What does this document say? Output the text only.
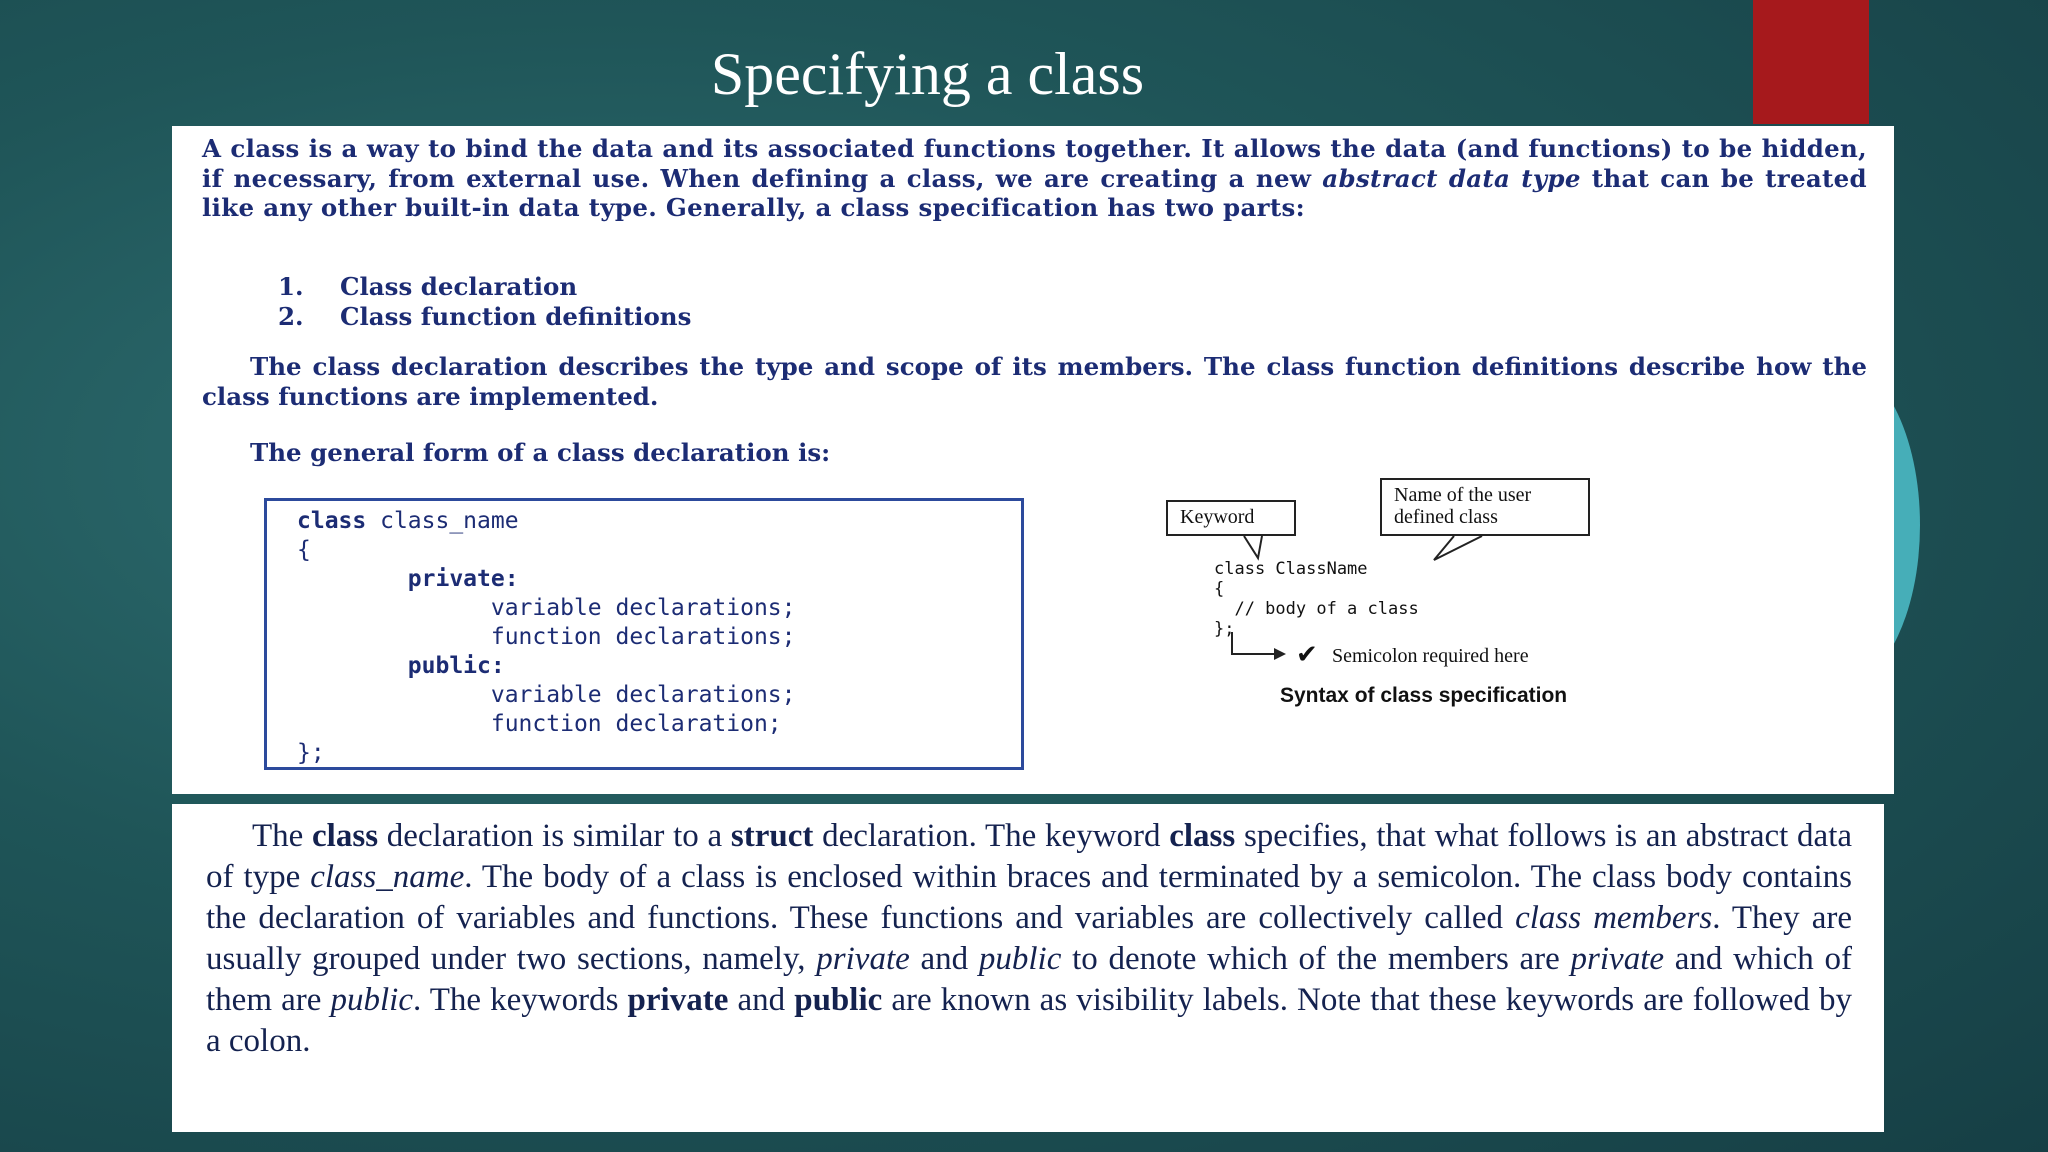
Specifying a class
A class is a way to bind the data and its associated functions together. It allows the data (and functions) to be hidden, if necessary, from external use. When defining a class, we are creating a new abstract data type that can be treated like any other built-in data type. Generally, a class specification has two parts:
1. Class declaration
2. Class function definitions
The class declaration describes the type and scope of its members. The class function definitions describe how the class functions are implemented.
The general form of a class declaration is:
class class_name
{
private:
variable declarations;
function declarations;
public:
variable declarations;
function declaration;
};
Keyword
Name of the user
defined class
class ClassName
{
// body of a class
};
✔ Semicolon required here
Syntax of class specification
The class declaration is similar to a struct declaration. The keyword class specifies, that what follows is an abstract data of type class_name. The body of a class is enclosed within braces and terminated by a semicolon. The class body contains the declaration of variables and functions. These functions and variables are collectively called class members. They are usually grouped under two sections, namely, private and public to denote which of the members are private and which of them are public. The keywords private and public are known as visibility labels. Note that these keywords are followed by a colon.
